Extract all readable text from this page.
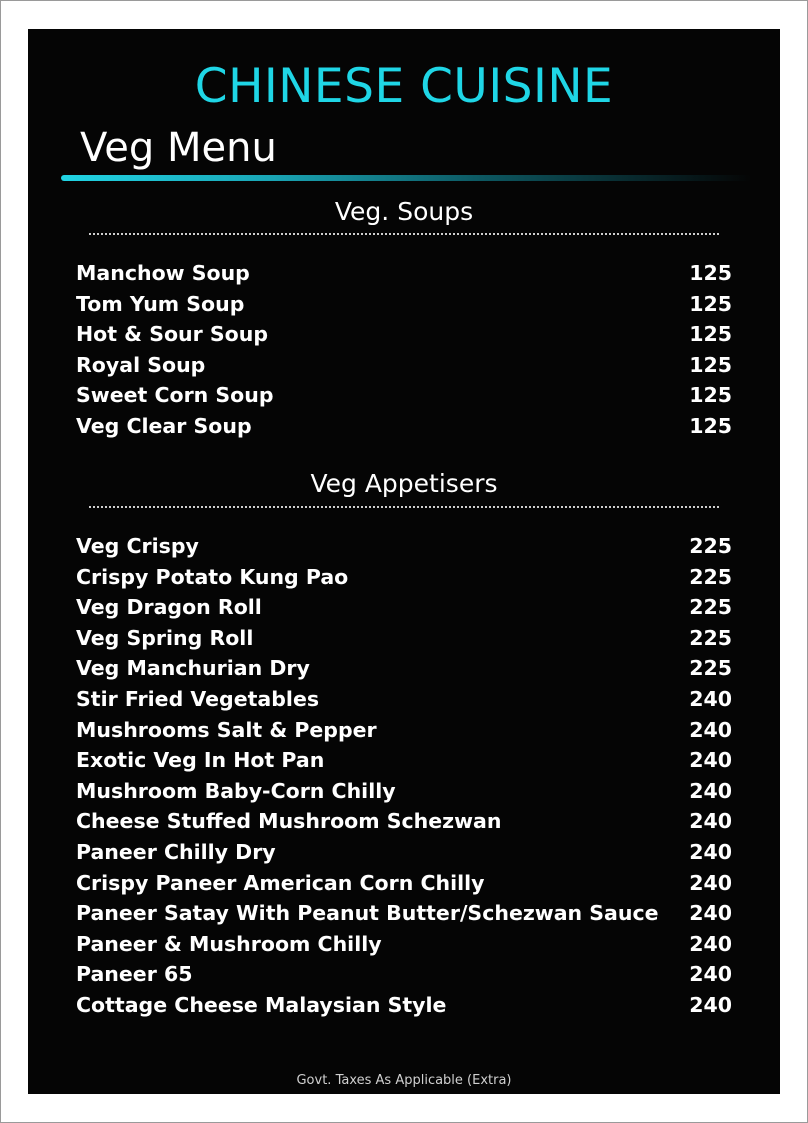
CHINESE CUISINE
Veg Menu
Veg. Soups
Manchow Soup	125
Tom Yum Soup	125
Hot & Sour Soup	125
Royal Soup	125
Sweet Corn Soup	125
Veg Clear Soup	125
Veg Appetisers
Veg Crispy	225
Crispy Potato Kung Pao	225
Veg Dragon Roll	225
Veg Spring Roll	225
Veg Manchurian Dry	225
Stir Fried Vegetables	240
Mushrooms Salt & Pepper	240
Exotic Veg In Hot Pan	240
Mushroom Baby-Corn Chilly	240
Cheese Stuffed Mushroom Schezwan	240
Paneer Chilly Dry	240
Crispy Paneer American Corn Chilly	240
Paneer Satay With Peanut Butter/Schezwan Sauce	240
Paneer & Mushroom Chilly	240
Paneer 65	240
Cottage Cheese Malaysian Style	240
Govt. Taxes As Applicable (Extra)
